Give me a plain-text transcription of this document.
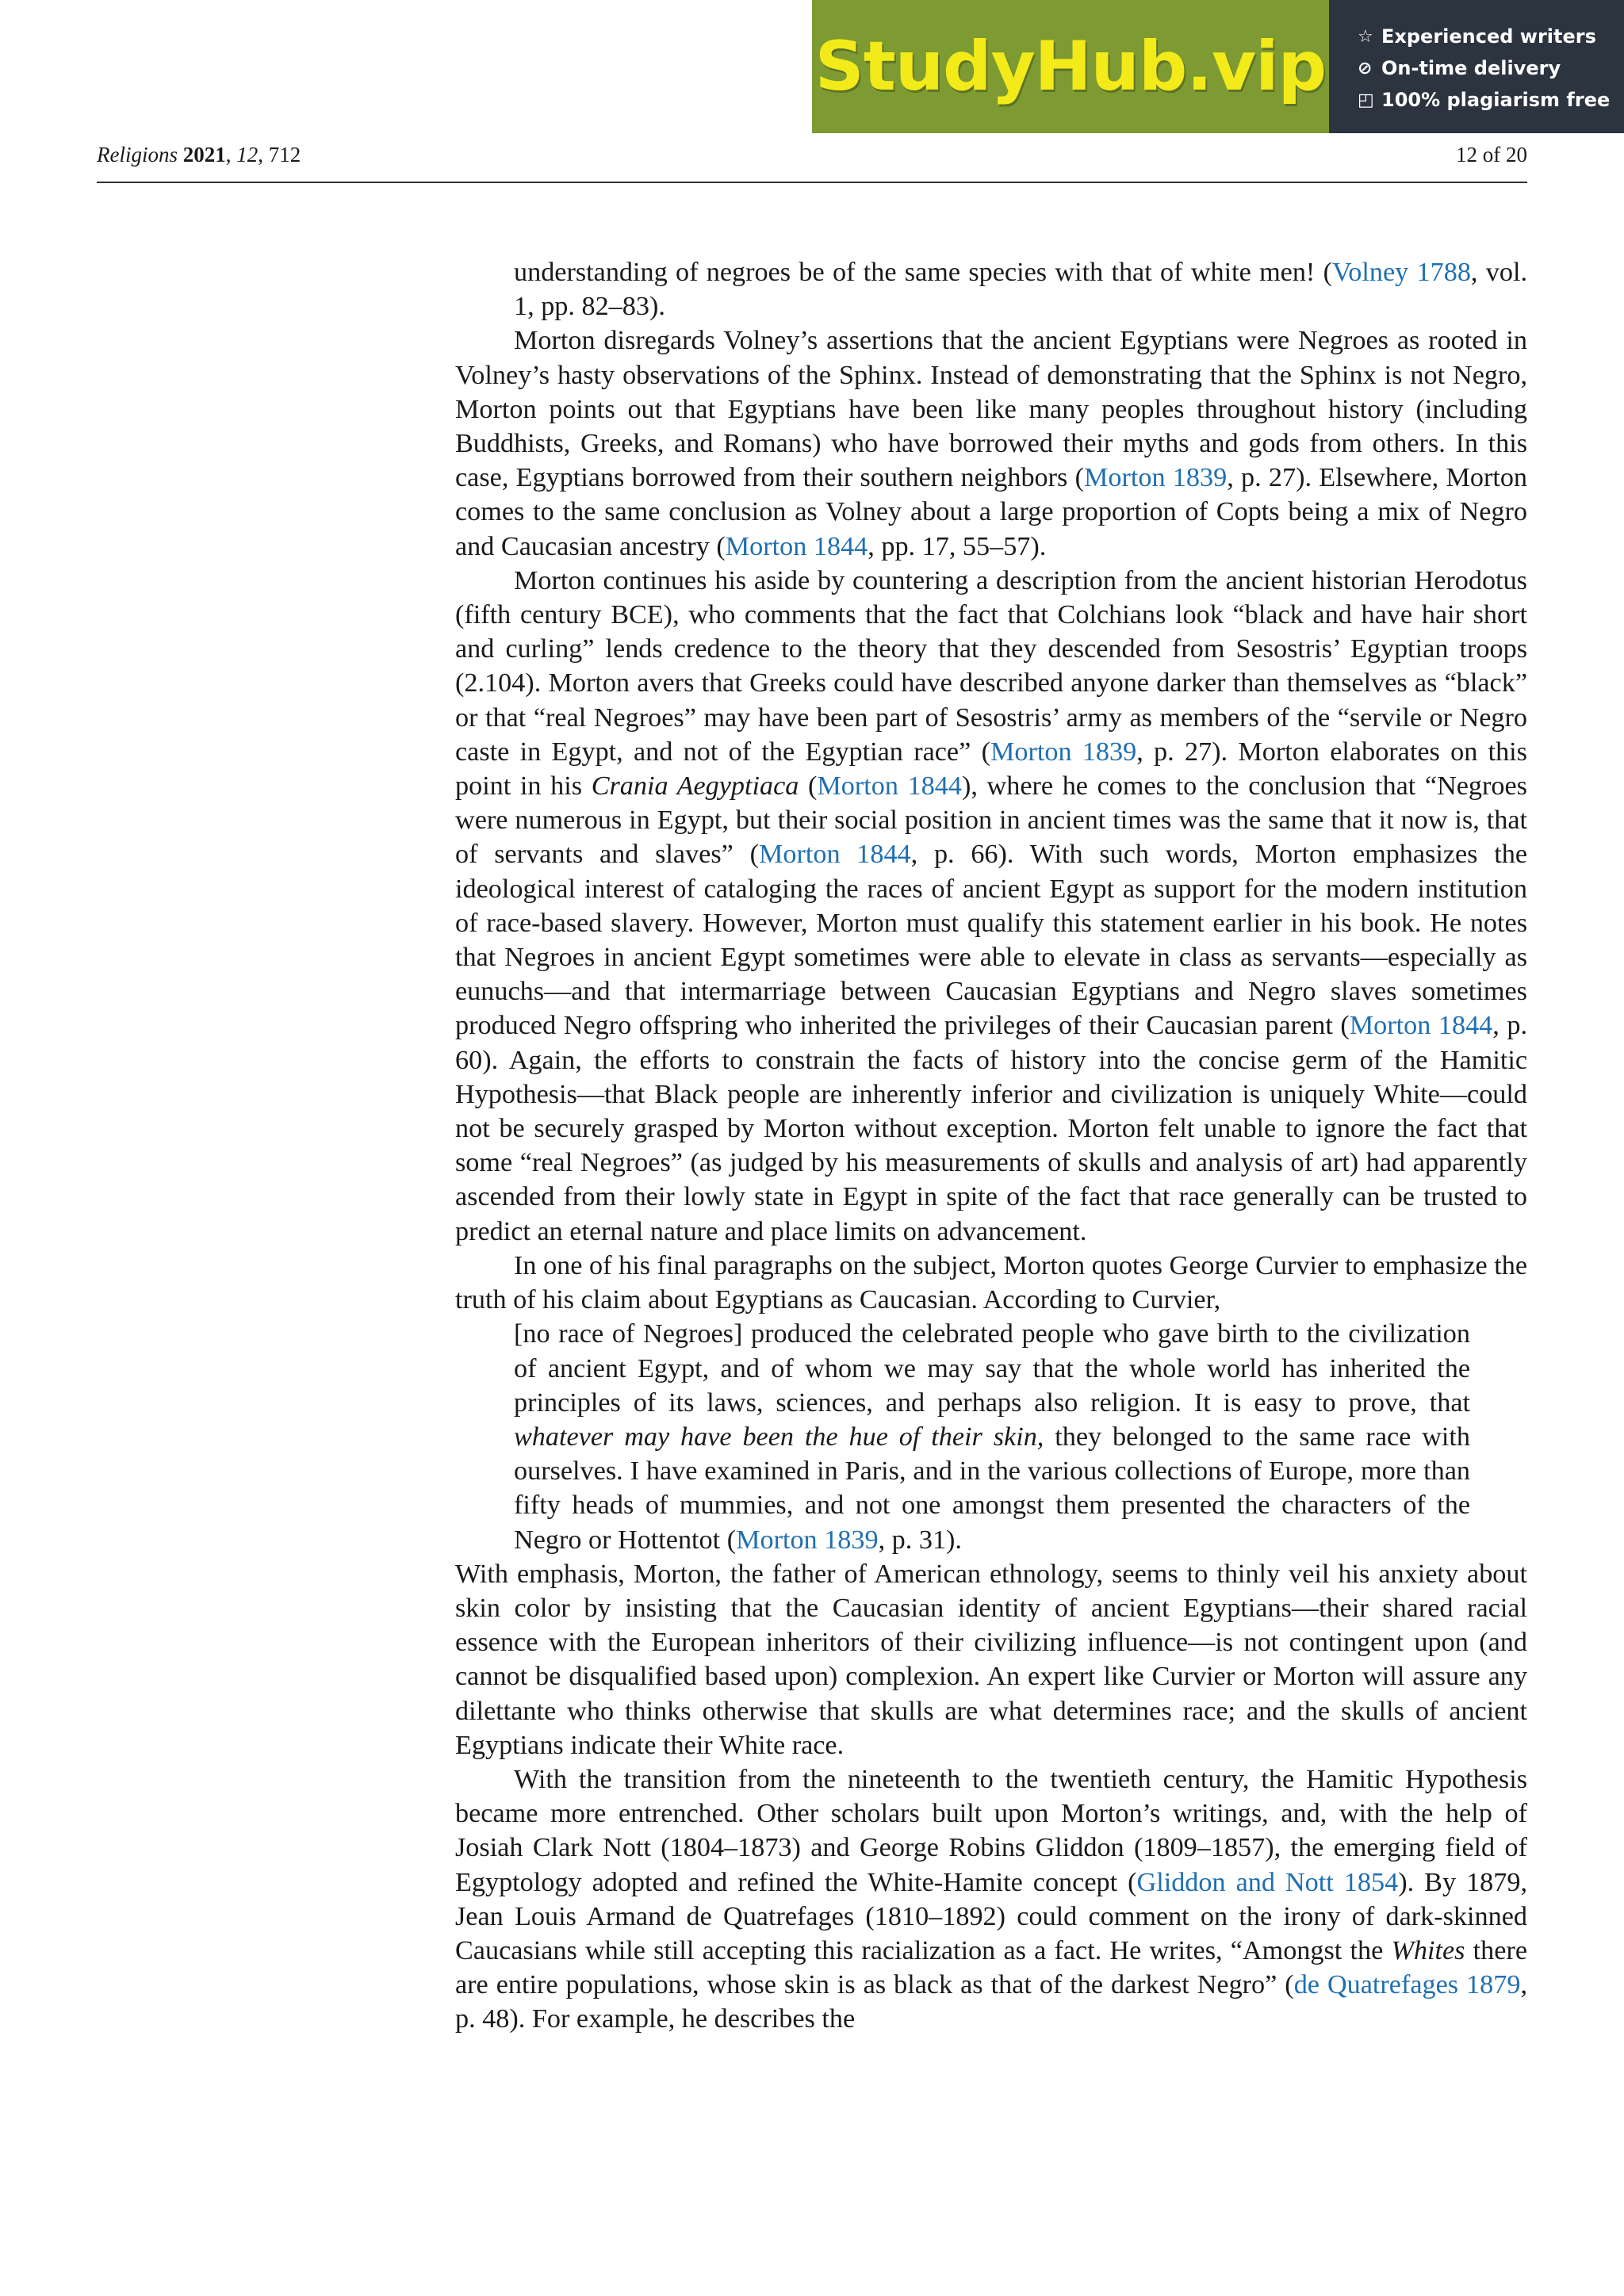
StudyHub.vip ☆ Experienced writers
⊘ On-time delivery
◰ 100% plagiarism free
Religions 2021, 12, 712	12 of 20

understanding of negroes be of the same species with that of white men! (Volney 1788, vol. 1, pp. 82–83).

Morton disregards Volney’s assertions that the ancient Egyptians were Negroes as rooted in Volney’s hasty observations of the Sphinx. Instead of demonstrating that the Sphinx is not Negro, Morton points out that Egyptians have been like many peoples throughout history (including Buddhists, Greeks, and Romans) who have borrowed their myths and gods from others. In this case, Egyptians borrowed from their southern neighbors (Morton 1839, p. 27). Elsewhere, Morton comes to the same conclusion as Volney about a large proportion of Copts being a mix of Negro and Caucasian ancestry (Morton 1844, pp. 17, 55–57).

Morton continues his aside by countering a description from the ancient historian Herodotus (fifth century BCE), who comments that the fact that Colchians look “black and have hair short and curling” lends credence to the theory that they descended from Sesostris’ Egyptian troops (2.104). Morton avers that Greeks could have described anyone darker than themselves as “black” or that “real Negroes” may have been part of Sesostris’ army as members of the “servile or Negro caste in Egypt, and not of the Egyptian race” (Morton 1839, p. 27). Morton elaborates on this point in his Crania Aegyptiaca (Morton 1844), where he comes to the conclusion that “Negroes were numerous in Egypt, but their social position in ancient times was the same that it now is, that of servants and slaves” (Morton 1844, p. 66). With such words, Morton emphasizes the ideological interest of cataloging the races of ancient Egypt as support for the modern institution of race-based slavery. However, Morton must qualify this statement earlier in his book. He notes that Negroes in ancient Egypt sometimes were able to elevate in class as servants—especially as eunuchs—and that intermarriage between Caucasian Egyptians and Negro slaves sometimes produced Negro offspring who inherited the privileges of their Caucasian parent (Morton 1844, p. 60). Again, the efforts to constrain the facts of history into the concise germ of the Hamitic Hypothesis—that Black people are inherently inferior and civilization is uniquely White—could not be securely grasped by Morton without exception. Morton felt unable to ignore the fact that some “real Negroes” (as judged by his measurements of skulls and analysis of art) had apparently ascended from their lowly state in Egypt in spite of the fact that race generally can be trusted to predict an eternal nature and place limits on advancement.

In one of his final paragraphs on the subject, Morton quotes George Curvier to emphasize the truth of his claim about Egyptians as Caucasian. According to Curvier,

[no race of Negroes] produced the celebrated people who gave birth to the civilization of ancient Egypt, and of whom we may say that the whole world has inherited the principles of its laws, sciences, and perhaps also religion. It is easy to prove, that whatever may have been the hue of their skin, they belonged to the same race with ourselves. I have examined in Paris, and in the various collections of Europe, more than fifty heads of mummies, and not one amongst them presented the characters of the Negro or Hottentot (Morton 1839, p. 31).

With emphasis, Morton, the father of American ethnology, seems to thinly veil his anxiety about skin color by insisting that the Caucasian identity of ancient Egyptians—their shared racial essence with the European inheritors of their civilizing influence—is not contingent upon (and cannot be disqualified based upon) complexion. An expert like Curvier or Morton will assure any dilettante who thinks otherwise that skulls are what determines race; and the skulls of ancient Egyptians indicate their White race.

With the transition from the nineteenth to the twentieth century, the Hamitic Hypothesis became more entrenched. Other scholars built upon Morton’s writings, and, with the help of Josiah Clark Nott (1804–1873) and George Robins Gliddon (1809–1857), the emerging field of Egyptology adopted and refined the White-Hamite concept (Gliddon and Nott 1854). By 1879, Jean Louis Armand de Quatrefages (1810–1892) could comment on the irony of dark-skinned Caucasians while still accepting this racialization as a fact. He writes, “Amongst the Whites there are entire populations, whose skin is as black as that of the darkest Negro” (de Quatrefages 1879, p. 48). For example, he describes the
